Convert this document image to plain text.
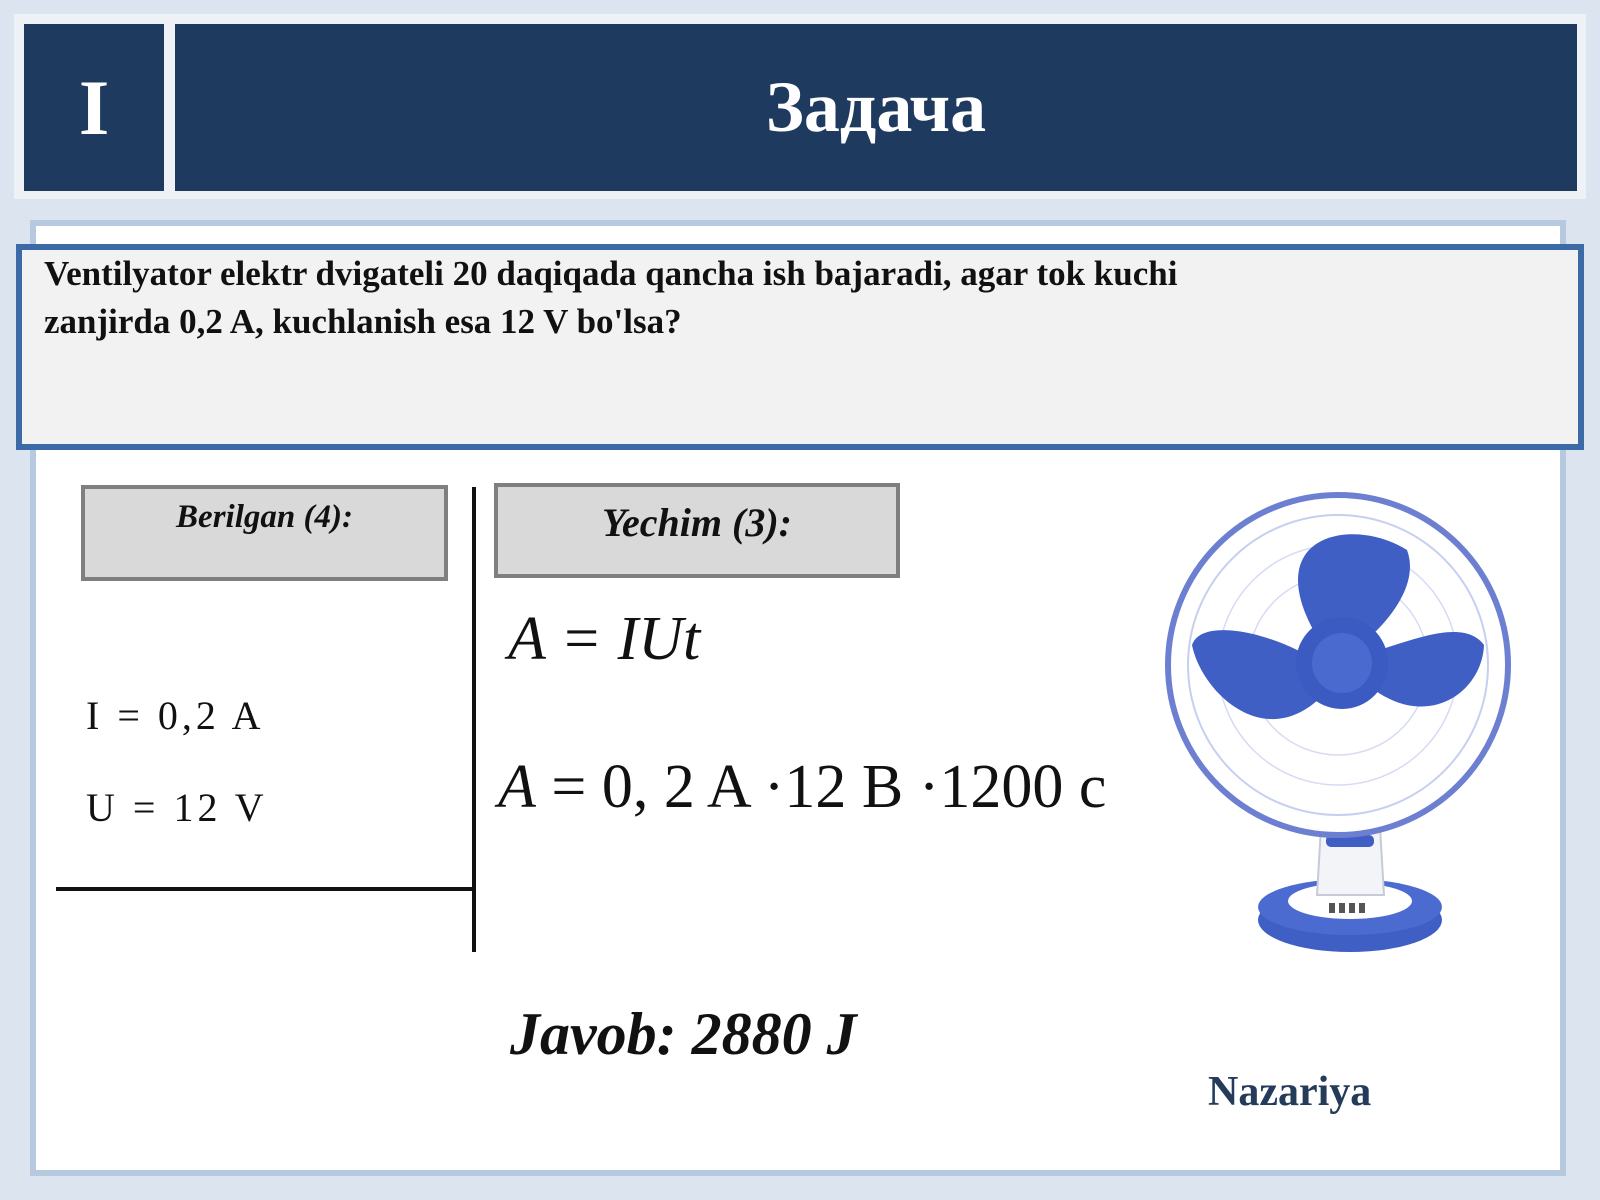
I	Задача
Ventilyator elektr dvigateli 20 daqiqada qancha ish bajaradi, agar tok kuchi
zanjirda 0,2 A, kuchlanish esa 12 V bo'lsa?
Berilgan (4):	Yechim (3):
A = IUt
A = 0, 2 A ·12 B ·1200 c
Javob: 2880 J
Nazariya
